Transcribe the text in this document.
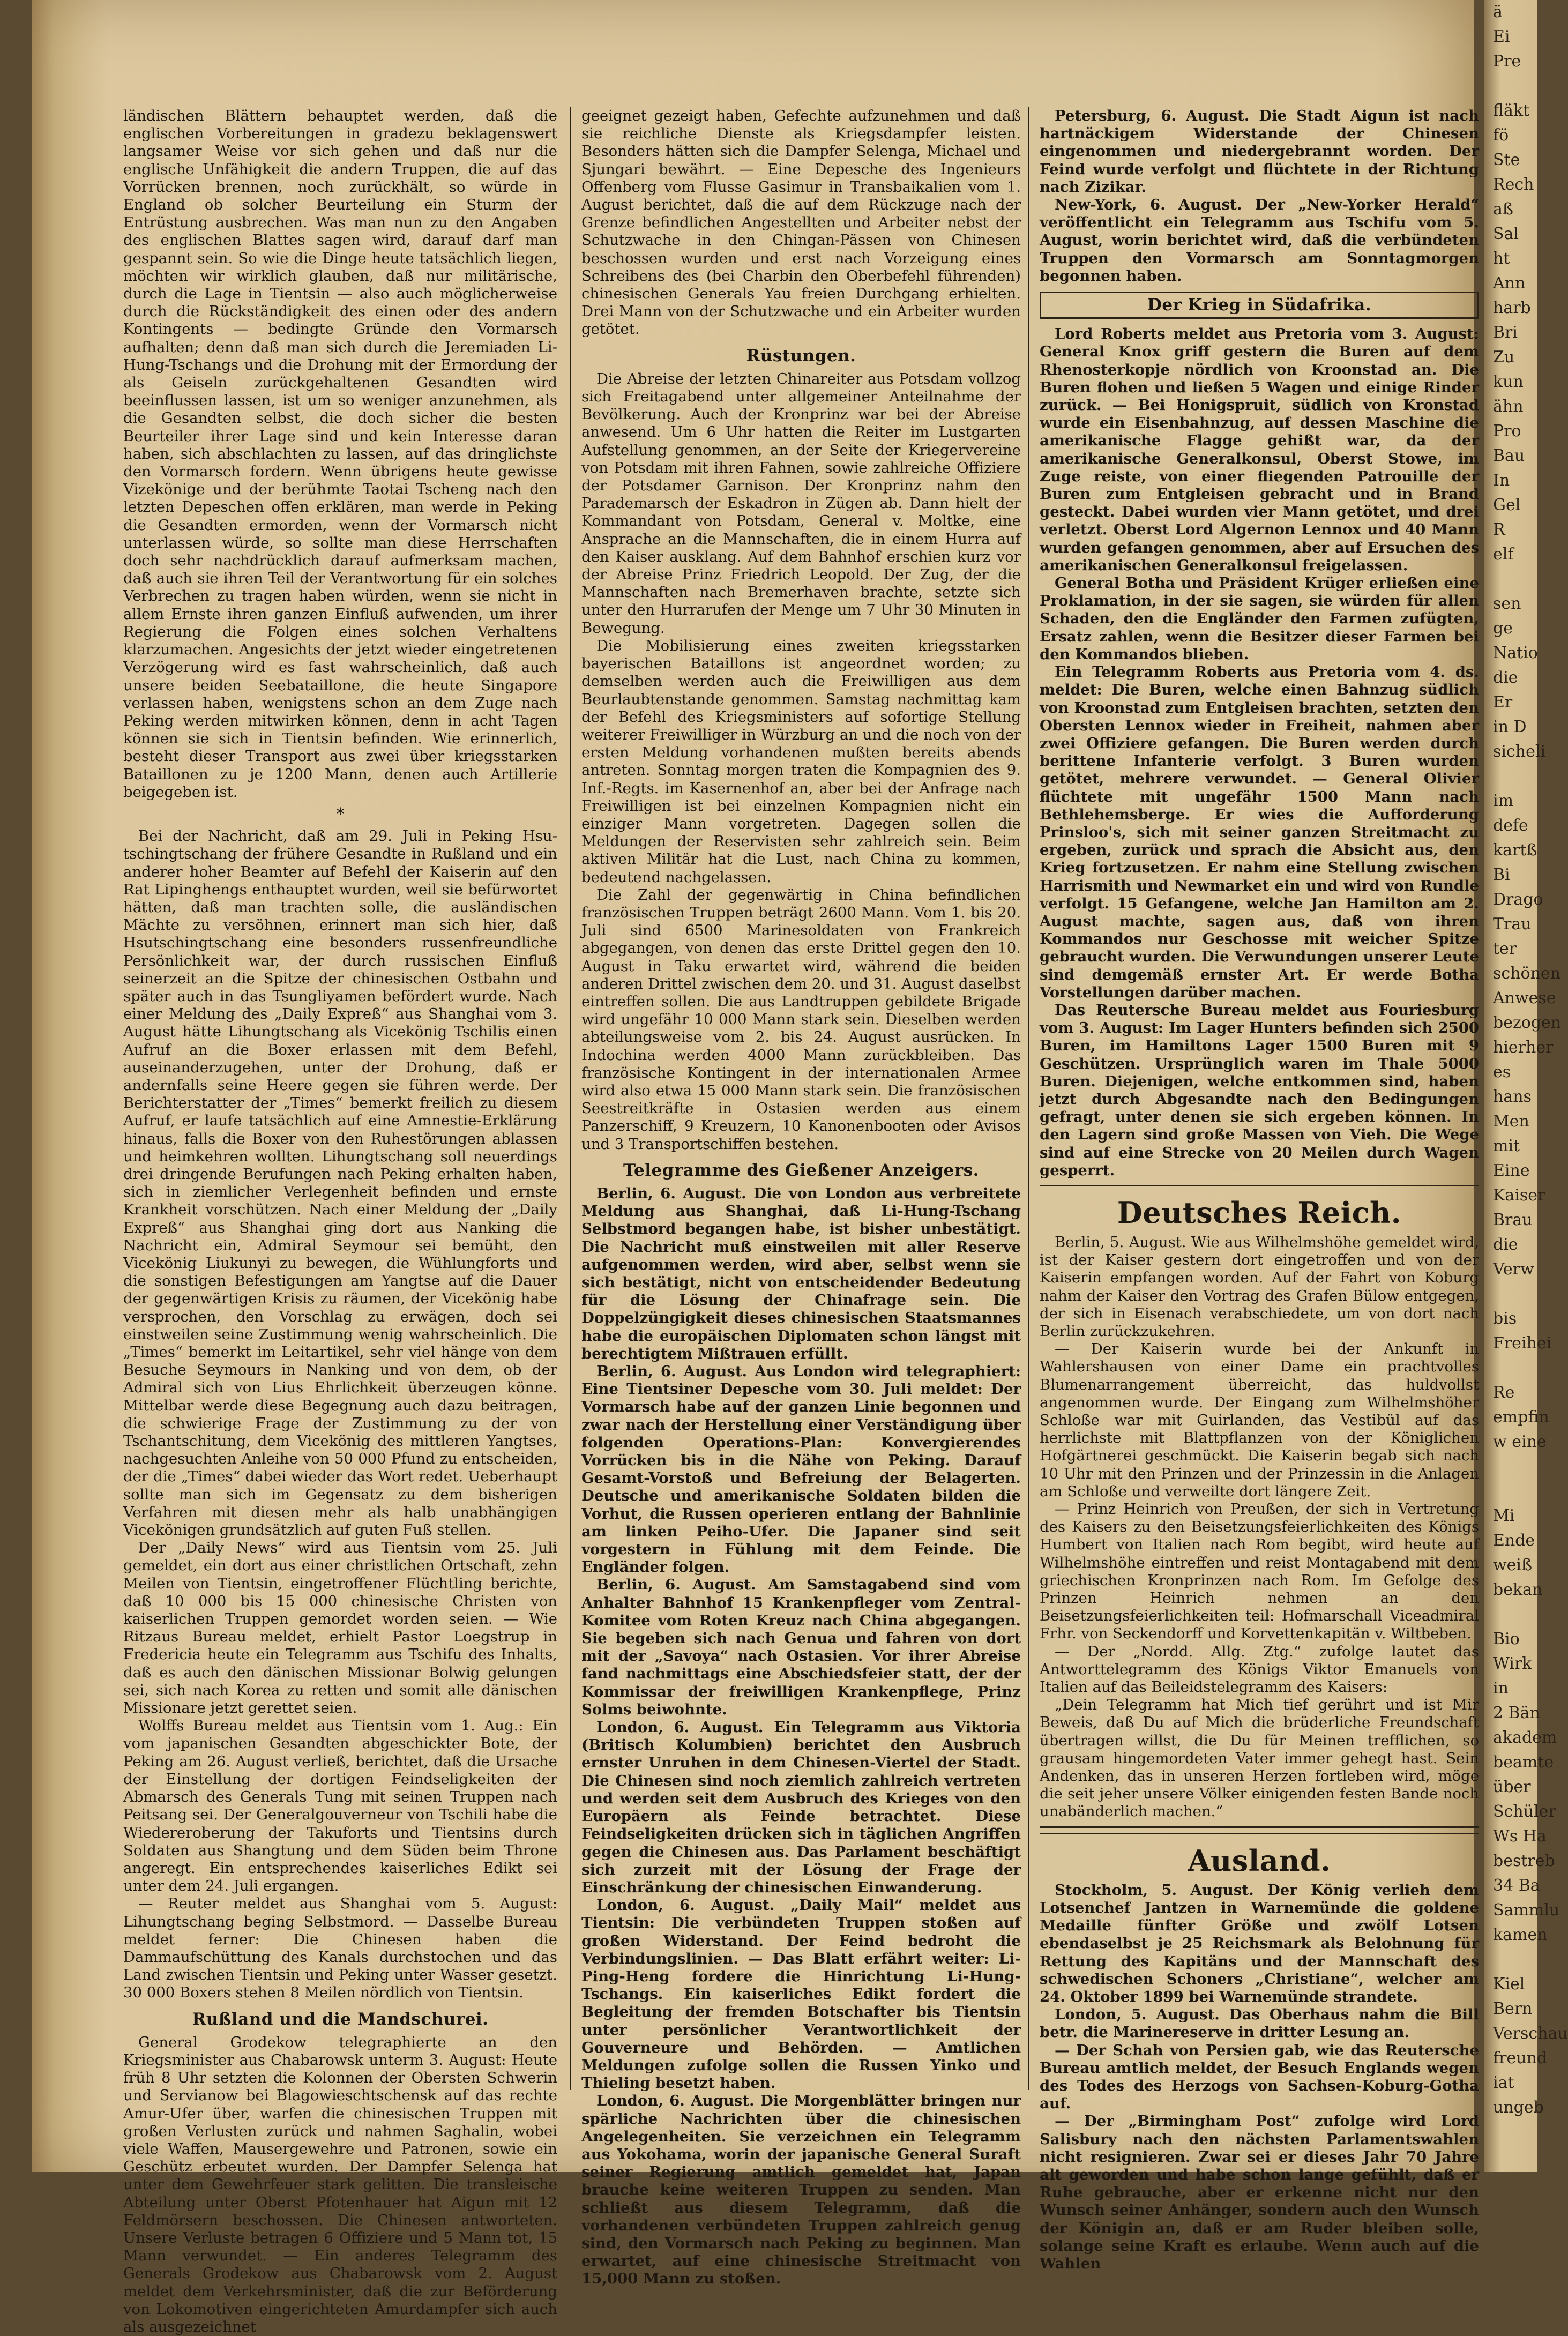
ländischen Blättern behauptet werden, daß die englischen Vorbereitungen in gradezu beklagenswert langsamer Weise vor sich gehen und daß nur die englische Unfähigkeit die andern Truppen, die auf das Vorrücken brennen, noch zurückhält, so würde in England ob solcher Beurteilung ein Sturm der Entrüstung ausbrechen. Was man nun zu den Angaben des englischen Blattes sagen wird, darauf darf man gespannt sein. So wie die Dinge heute tatsächlich liegen, möchten wir wirklich glauben, daß nur militärische, durch die Lage in Tientsin — also auch möglicherweise durch die Rückständigkeit des einen oder des andern Kontingents — bedingte Gründe den Vormarsch aufhalten; denn daß man sich durch die Jeremiaden Li-Hung-Tschangs und die Drohung mit der Ermordung der als Geiseln zurückgehaltenen Gesandten wird beeinflussen lassen, ist um so weniger anzunehmen, als die Gesandten selbst, die doch sicher die besten Beurteiler ihrer Lage sind und kein Interesse daran haben, sich abschlachten zu lassen, auf das dringlichste den Vormarsch fordern. Wenn übrigens heute gewisse Vizekönige und der berühmte Taotai Tscheng nach den letzten Depeschen offen erklären, man werde in Peking die Gesandten ermorden, wenn der Vormarsch nicht unterlassen würde, so sollte man diese Herrschaften doch sehr nachdrücklich darauf aufmerksam machen, daß auch sie ihren Teil der Verantwortung für ein solches Verbrechen zu tragen haben würden, wenn sie nicht in allem Ernste ihren ganzen Einfluß aufwenden, um ihrer Regierung die Folgen eines solchen Verhaltens klarzumachen. Angesichts der jetzt wieder eingetretenen Verzögerung wird es fast wahrscheinlich, daß auch unsere beiden Seebataillone, die heute Singapore verlassen haben, wenigstens schon an dem Zuge nach Peking werden mitwirken können, denn in acht Tagen können sie sich in Tientsin befinden. Wie erinnerlich, besteht dieser Transport aus zwei über kriegsstarken Bataillonen zu je 1200 Mann, denen auch Artillerie beigegeben ist.

*

Bei der Nachricht, daß am 29. Juli in Peking Hsu-tschingtschang der frühere Gesandte in Rußland und ein anderer hoher Beamter auf Befehl der Kaiserin auf den Rat Lipinghengs enthauptet wurden, weil sie befürwortet hätten, daß man trachten solle, die ausländischen Mächte zu versöhnen, erinnert man sich hier, daß Hsutschingtschang eine besonders russenfreundliche Persönlichkeit war, der durch russischen Einfluß seinerzeit an die Spitze der chinesischen Ostbahn und später auch in das Tsungliyamen befördert wurde. Nach einer Meldung des „Daily Expreß“ aus Shanghai vom 3. August hätte Lihungtschang als Vicekönig Tschilis einen Aufruf an die Boxer erlassen mit dem Befehl, auseinanderzugehen, unter der Drohung, daß er andernfalls seine Heere gegen sie führen werde. Der Berichterstatter der „Times“ bemerkt freilich zu diesem Aufruf, er laufe tatsächlich auf eine Amnestie-Erklärung hinaus, falls die Boxer von den Ruhestörungen ablassen und heimkehren wollten. Lihungtschang soll neuerdings drei dringende Berufungen nach Peking erhalten haben, sich in ziemlicher Verlegenheit befinden und ernste Krankheit vorschützen. Nach einer Meldung der „Daily Expreß“ aus Shanghai ging dort aus Nanking die Nachricht ein, Admiral Seymour sei bemüht, den Vicekönig Liukunyi zu bewegen, die Wühlungforts und die sonstigen Befestigungen am Yangtse auf die Dauer der gegenwärtigen Krisis zu räumen, der Vicekönig habe versprochen, den Vorschlag zu erwägen, doch sei einstweilen seine Zustimmung wenig wahrscheinlich. Die „Times“ bemerkt im Leitartikel, sehr viel hänge von dem Besuche Seymours in Nanking und von dem, ob der Admiral sich von Lius Ehrlichkeit überzeugen könne. Mittelbar werde diese Begegnung auch dazu beitragen, die schwierige Frage der Zustimmung zu der von Tschantschitung, dem Vicekönig des mittleren Yangtses, nachgesuchten Anleihe von 50 000 Pfund zu entscheiden, der die „Times“ dabei wieder das Wort redet. Ueberhaupt sollte man sich im Gegensatz zu dem bisherigen Verfahren mit diesen mehr als halb unabhängigen Vicekönigen grundsätzlich auf guten Fuß stellen.

Der „Daily News“ wird aus Tientsin vom 25. Juli gemeldet, ein dort aus einer christlichen Ortschaft, zehn Meilen von Tientsin, eingetroffener Flüchtling berichte, daß 10 000 bis 15 000 chinesische Christen von kaiserlichen Truppen gemordet worden seien. — Wie Ritzaus Bureau meldet, erhielt Pastor Loegstrup in Fredericia heute ein Telegramm aus Tschifu des Inhalts, daß es auch den dänischen Missionar Bolwig gelungen sei, sich nach Korea zu retten und somit alle dänischen Missionare jetzt gerettet seien.

Wolffs Bureau meldet aus Tientsin vom 1. Aug.: Ein vom japanischen Gesandten abgeschickter Bote, der Peking am 26. August verließ, berichtet, daß die Ursache der Einstellung der dortigen Feindseligkeiten der Abmarsch des Generals Tung mit seinen Truppen nach Peitsang sei. Der Generalgouverneur von Tschili habe die Wiedereroberung der Takuforts und Tientsins durch Soldaten aus Shangtung und dem Süden beim Throne angeregt. Ein entsprechendes kaiserliches Edikt sei unter dem 24. Juli ergangen.

— Reuter meldet aus Shanghai vom 5. August: Lihungtschang beging Selbstmord. — Dasselbe Bureau meldet ferner: Die Chinesen haben die Dammaufschüttung des Kanals durchstochen und das Land zwischen Tientsin und Peking unter Wasser gesetzt. 30 000 Boxers stehen 8 Meilen nördlich von Tientsin.

Rußland und die Mandschurei.

General Grodekow telegraphierte an den Kriegsminister aus Chabarowsk unterm 3. August: Heute früh 8 Uhr setzten die Kolonnen der Obersten Schwerin und Servianow bei Blagowieschtschensk auf das rechte Amur-Ufer über, warfen die chinesischen Truppen mit großen Verlusten zurück und nahmen Saghalin, wobei viele Waffen, Mausergewehre und Patronen, sowie ein Geschütz erbeutet wurden. Der Dampfer Selenga hat unter dem Gewehrfeuer stark gelitten. Die transleische Abteilung unter Oberst Pfotenhauer hat Aigun mit 12 Feldmörsern beschossen. Die Chinesen antworteten. Unsere Verluste betragen 6 Offiziere und 5 Mann tot, 15 Mann verwundet. — Ein anderes Telegramm des Generals Grodekow aus Chabarowsk vom 2. August meldet dem Verkehrsminister, daß die zur Beförderung von Lokomotiven eingerichteten Amurdampfer sich auch als ausgezeichnet

geeignet gezeigt haben, Gefechte aufzunehmen und daß sie reichliche Dienste als Kriegsdampfer leisten. Besonders hätten sich die Dampfer Selenga, Michael und Sjungari bewährt. — Eine Depesche des Ingenieurs Offenberg vom Flusse Gasimur in Transbaikalien vom 1. August berichtet, daß die auf dem Rückzuge nach der Grenze befindlichen Angestellten und Arbeiter nebst der Schutzwache in den Chingan-Pässen von Chinesen beschossen wurden und erst nach Vorzeigung eines Schreibens des (bei Charbin den Oberbefehl führenden) chinesischen Generals Yau freien Durchgang erhielten. Drei Mann von der Schutzwache und ein Arbeiter wurden getötet.

Rüstungen.

Die Abreise der letzten Chinareiter aus Potsdam vollzog sich Freitagabend unter allgemeiner Anteilnahme der Bevölkerung. Auch der Kronprinz war bei der Abreise anwesend. Um 6 Uhr hatten die Reiter im Lustgarten Aufstellung genommen, an der Seite der Kriegervereine von Potsdam mit ihren Fahnen, sowie zahlreiche Offiziere der Potsdamer Garnison. Der Kronprinz nahm den Parademarsch der Eskadron in Zügen ab. Dann hielt der Kommandant von Potsdam, General v. Moltke, eine Ansprache an die Mannschaften, die in einem Hurra auf den Kaiser ausklang. Auf dem Bahnhof erschien kurz vor der Abreise Prinz Friedrich Leopold. Der Zug, der die Mannschaften nach Bremerhaven brachte, setzte sich unter den Hurrarufen der Menge um 7 Uhr 30 Minuten in Bewegung.

Die Mobilisierung eines zweiten kriegsstarken bayerischen Bataillons ist angeordnet worden; zu demselben werden auch die Freiwilligen aus dem Beurlaubtenstande genommen. Samstag nachmittag kam der Befehl des Kriegsministers auf sofortige Stellung weiterer Freiwilliger in Würzburg an und die noch von der ersten Meldung vorhandenen mußten bereits abends antreten. Sonntag morgen traten die Kompagnien des 9. Inf.-Regts. im Kasernenhof an, aber bei der Anfrage nach Freiwilligen ist bei einzelnen Kompagnien nicht ein einziger Mann vorgetreten. Dagegen sollen die Meldungen der Reservisten sehr zahlreich sein. Beim aktiven Militär hat die Lust, nach China zu kommen, bedeutend nachgelassen.

Die Zahl der gegenwärtig in China befindlichen französischen Truppen beträgt 2600 Mann. Vom 1. bis 20. Juli sind 6500 Marinesoldaten von Frankreich abgegangen, von denen das erste Drittel gegen den 10. August in Taku erwartet wird, während die beiden anderen Drittel zwischen dem 20. und 31. August daselbst eintreffen sollen. Die aus Landtruppen gebildete Brigade wird ungefähr 10 000 Mann stark sein. Dieselben werden abteilungsweise vom 2. bis 24. August ausrücken. In Indochina werden 4000 Mann zurückbleiben. Das französische Kontingent in der internationalen Armee wird also etwa 15 000 Mann stark sein. Die französischen Seestreitkräfte in Ostasien werden aus einem Panzerschiff, 9 Kreuzern, 10 Kanonenbooten oder Avisos und 3 Transportschiffen bestehen.

Telegramme des Gießener Anzeigers.

Berlin, 6. August. Die von London aus verbreitete Meldung aus Shanghai, daß Li-Hung-Tschang Selbstmord begangen habe, ist bisher unbestätigt. Die Nachricht muß einstweilen mit aller Reserve aufgenommen werden, wird aber, selbst wenn sie sich bestätigt, nicht von entscheidender Bedeutung für die Lösung der Chinafrage sein. Die Doppelzüngigkeit dieses chinesischen Staatsmannes habe die europäischen Diplomaten schon längst mit berechtigtem Mißtrauen erfüllt.

Berlin, 6. August. Aus London wird telegraphiert: Eine Tientsiner Depesche vom 30. Juli meldet: Der Vormarsch habe auf der ganzen Linie begonnen und zwar nach der Herstellung einer Verständigung über folgenden Operations-Plan: Konvergierendes Vorrücken bis in die Nähe von Peking. Darauf Gesamt-Vorstoß und Befreiung der Belagerten. Deutsche und amerikanische Soldaten bilden die Vorhut, die Russen operieren entlang der Bahnlinie am linken Peiho-Ufer. Die Japaner sind seit vorgestern in Fühlung mit dem Feinde. Die Engländer folgen.

Berlin, 6. August. Am Samstagabend sind vom Anhalter Bahnhof 15 Krankenpfleger vom Zentral-Komitee vom Roten Kreuz nach China abgegangen. Sie begeben sich nach Genua und fahren von dort mit der „Savoya“ nach Ostasien. Vor ihrer Abreise fand nachmittags eine Abschiedsfeier statt, der der Kommissar der freiwilligen Krankenpflege, Prinz Solms beiwohnte.

London, 6. August. Ein Telegramm aus Viktoria (Britisch Kolumbien) berichtet den Ausbruch ernster Unruhen in dem Chinesen-Viertel der Stadt. Die Chinesen sind noch ziemlich zahlreich vertreten und werden seit dem Ausbruch des Krieges von den Europäern als Feinde betrachtet. Diese Feindseligkeiten drücken sich in täglichen Angriffen gegen die Chinesen aus. Das Parlament beschäftigt sich zurzeit mit der Lösung der Frage der Einschränkung der chinesischen Einwanderung.

London, 6. August. „Daily Mail“ meldet aus Tientsin: Die verbündeten Truppen stoßen auf großen Widerstand. Der Feind bedroht die Verbindungslinien. — Das Blatt erfährt weiter: Li-Ping-Heng fordere die Hinrichtung Li-Hung-Tschangs. Ein kaiserliches Edikt fordert die Begleitung der fremden Botschafter bis Tientsin unter persönlicher Verantwortlichkeit der Gouverneure und Behörden. — Amtlichen Meldungen zufolge sollen die Russen Yinko und Thieling besetzt haben.

London, 6. August. Die Morgenblätter bringen nur spärliche Nachrichten über die chinesischen Angelegenheiten. Sie verzeichnen ein Telegramm aus Yokohama, worin der japanische General Suraft seiner Regierung amtlich gemeldet hat, Japan brauche keine weiteren Truppen zu senden. Man schließt aus diesem Telegramm, daß die vorhandenen verbündeten Truppen zahlreich genug sind, den Vormarsch nach Peking zu beginnen. Man erwartet, auf eine chinesische Streitmacht von 15,000 Mann zu stoßen.

Petersburg, 6. August. Die Stadt Aigun ist nach hartnäckigem Widerstande der Chinesen eingenommen und niedergebrannt worden. Der Feind wurde verfolgt und flüchtete in der Richtung nach Zizikar.

New-York, 6. August. Der „New-Yorker Herald“ veröffentlicht ein Telegramm aus Tschifu vom 5. August, worin berichtet wird, daß die verbündeten Truppen den Vormarsch am Sonntagmorgen begonnen haben.

Der Krieg in Südafrika.

Lord Roberts meldet aus Pretoria vom 3. August: General Knox griff gestern die Buren auf dem Rhenosterkopje nördlich von Kroonstad an. Die Buren flohen und ließen 5 Wagen und einige Rinder zurück. — Bei Honigspruit, südlich von Kronstad wurde ein Eisenbahnzug, auf dessen Maschine die amerikanische Flagge gehißt war, da der amerikanische Generalkonsul, Oberst Stowe, im Zuge reiste, von einer fliegenden Patrouille der Buren zum Entgleisen gebracht und in Brand gesteckt. Dabei wurden vier Mann getötet, und drei verletzt. Oberst Lord Algernon Lennox und 40 Mann wurden gefangen genommen, aber auf Ersuchen des amerikanischen Generalkonsul freigelassen.

General Botha und Präsident Krüger erließen eine Proklamation, in der sie sagen, sie würden für allen Schaden, den die Engländer den Farmen zufügten, Ersatz zahlen, wenn die Besitzer dieser Farmen bei den Kommandos blieben.

Ein Telegramm Roberts aus Pretoria vom 4. ds. meldet: Die Buren, welche einen Bahnzug südlich von Kroonstad zum Entgleisen brachten, setzten den Obersten Lennox wieder in Freiheit, nahmen aber zwei Offiziere gefangen. Die Buren werden durch berittene Infanterie verfolgt. 3 Buren wurden getötet, mehrere verwundet. — General Olivier flüchtete mit ungefähr 1500 Mann nach Bethlehemsberge. Er wies die Aufforderung Prinsloo's, sich mit seiner ganzen Streitmacht zu ergeben, zurück und sprach die Absicht aus, den Krieg fortzusetzen. Er nahm eine Stellung zwischen Harrismith und Newmarket ein und wird von Rundle verfolgt. 15 Gefangene, welche Jan Hamilton am 2. August machte, sagen aus, daß von ihren Kommandos nur Geschosse mit weicher Spitze gebraucht wurden. Die Verwundungen unserer Leute sind demgemäß ernster Art. Er werde Botha Vorstellungen darüber machen.

Das Reutersche Bureau meldet aus Fouriesburg vom 3. August: Im Lager Hunters befinden sich 2500 Buren, im Hamiltons Lager 1500 Buren mit 9 Geschützen. Ursprünglich waren im Thale 5000 Buren. Diejenigen, welche entkommen sind, haben jetzt durch Abgesandte nach den Bedingungen gefragt, unter denen sie sich ergeben können. In den Lagern sind große Massen von Vieh. Die Wege sind auf eine Strecke von 20 Meilen durch Wagen gesperrt.

Deutsches Reich.

Berlin, 5. August. Wie aus Wilhelmshöhe gemeldet wird, ist der Kaiser gestern dort eingetroffen und von der Kaiserin empfangen worden. Auf der Fahrt von Koburg nahm der Kaiser den Vortrag des Grafen Bülow entgegen, der sich in Eisenach verabschiedete, um von dort nach Berlin zurückzukehren.

— Der Kaiserin wurde bei der Ankunft in Wahlershausen von einer Dame ein prachtvolles Blumenarrangement überreicht, das huldvollst angenommen wurde. Der Eingang zum Wilhelmshöher Schloße war mit Guirlanden, das Vestibül auf das herrlichste mit Blattpflanzen von der Königlichen Hofgärtnerei geschmückt. Die Kaiserin begab sich nach 10 Uhr mit den Prinzen und der Prinzessin in die Anlagen am Schloße und verweilte dort längere Zeit.

— Prinz Heinrich von Preußen, der sich in Vertretung des Kaisers zu den Beisetzungsfeierlichkeiten des Königs Humbert von Italien nach Rom begibt, wird heute auf Wilhelmshöhe eintreffen und reist Montagabend mit dem griechischen Kronprinzen nach Rom. Im Gefolge des Prinzen Heinrich nehmen an den Beisetzungsfeierlichkeiten teil: Hofmarschall Viceadmiral Frhr. von Seckendorff und Korvettenkapitän v. Wiltbeben.

— Der „Nordd. Allg. Ztg.“ zufolge lautet das Antworttelegramm des Königs Viktor Emanuels von Italien auf das Beileidstelegramm des Kaisers:

„Dein Telegramm hat Mich tief gerührt und ist Mir Beweis, daß Du auf Mich die brüderliche Freundschaft übertragen willst, die Du für Meinen trefflichen, so grausam hingemordeten Vater immer gehegt hast. Sein Andenken, das in unseren Herzen fortleben wird, möge die seit jeher unsere Völker einigenden festen Bande noch unabänderlich machen.“

Ausland.

Stockholm, 5. August. Der König verlieh dem Lotsenchef Jantzen in Warnemünde die goldene Medaille fünfter Größe und zwölf Lotsen ebendaselbst je 25 Reichsmark als Belohnung für Rettung des Kapitäns und der Mannschaft des schwedischen Schoners „Christiane“, welcher am 24. Oktober 1899 bei Warnemünde strandete.

London, 5. August. Das Oberhaus nahm die Bill betr. die Marinereserve in dritter Lesung an.

— Der Schah von Persien gab, wie das Reutersche Bureau amtlich meldet, der Besuch Englands wegen des Todes des Herzogs von Sachsen-Koburg-Gotha auf.

— Der „Birmingham Post“ zufolge wird Lord Salisbury nach den nächsten Parlamentswahlen nicht resignieren. Zwar sei er dieses Jahr 70 Jahre alt geworden und habe schon lange gefühlt, daß er Ruhe gebrauche, aber er erkenne nicht nur den Wunsch seiner Anhänger, sondern auch den Wunsch der Königin an, daß er am Ruder bleiben solle, solange seine Kraft es erlaube. Wenn auch auf die Wahlen

ä
Ei
Pre

fläkt
fö
Ste
Rech
aß
Sal
ht
Ann
harb
Bri
Zu
kun
ähn
Pro
Bau
In
Gel
R
elf

sen
ge
Natio
die
Er
in D
sicheli

im
defe
kartß
Bi
Drago
Trau
ter
schönen
Anwese
bezogen
hierher
es
hans
Men
mit
Eine
Kaiser
Brau
die
Verw

bis
Freihei

Re
empfin
w eine

Mi
Ende
weiß
bekan

Bio
Wirk
in
2 Bän
akadem
beamte
über
Schüler
Ws Ha
bestreb
34 Ba
Sammlu
kamen

Kiel
Bern
Verschau
freund
iat
ungeb
